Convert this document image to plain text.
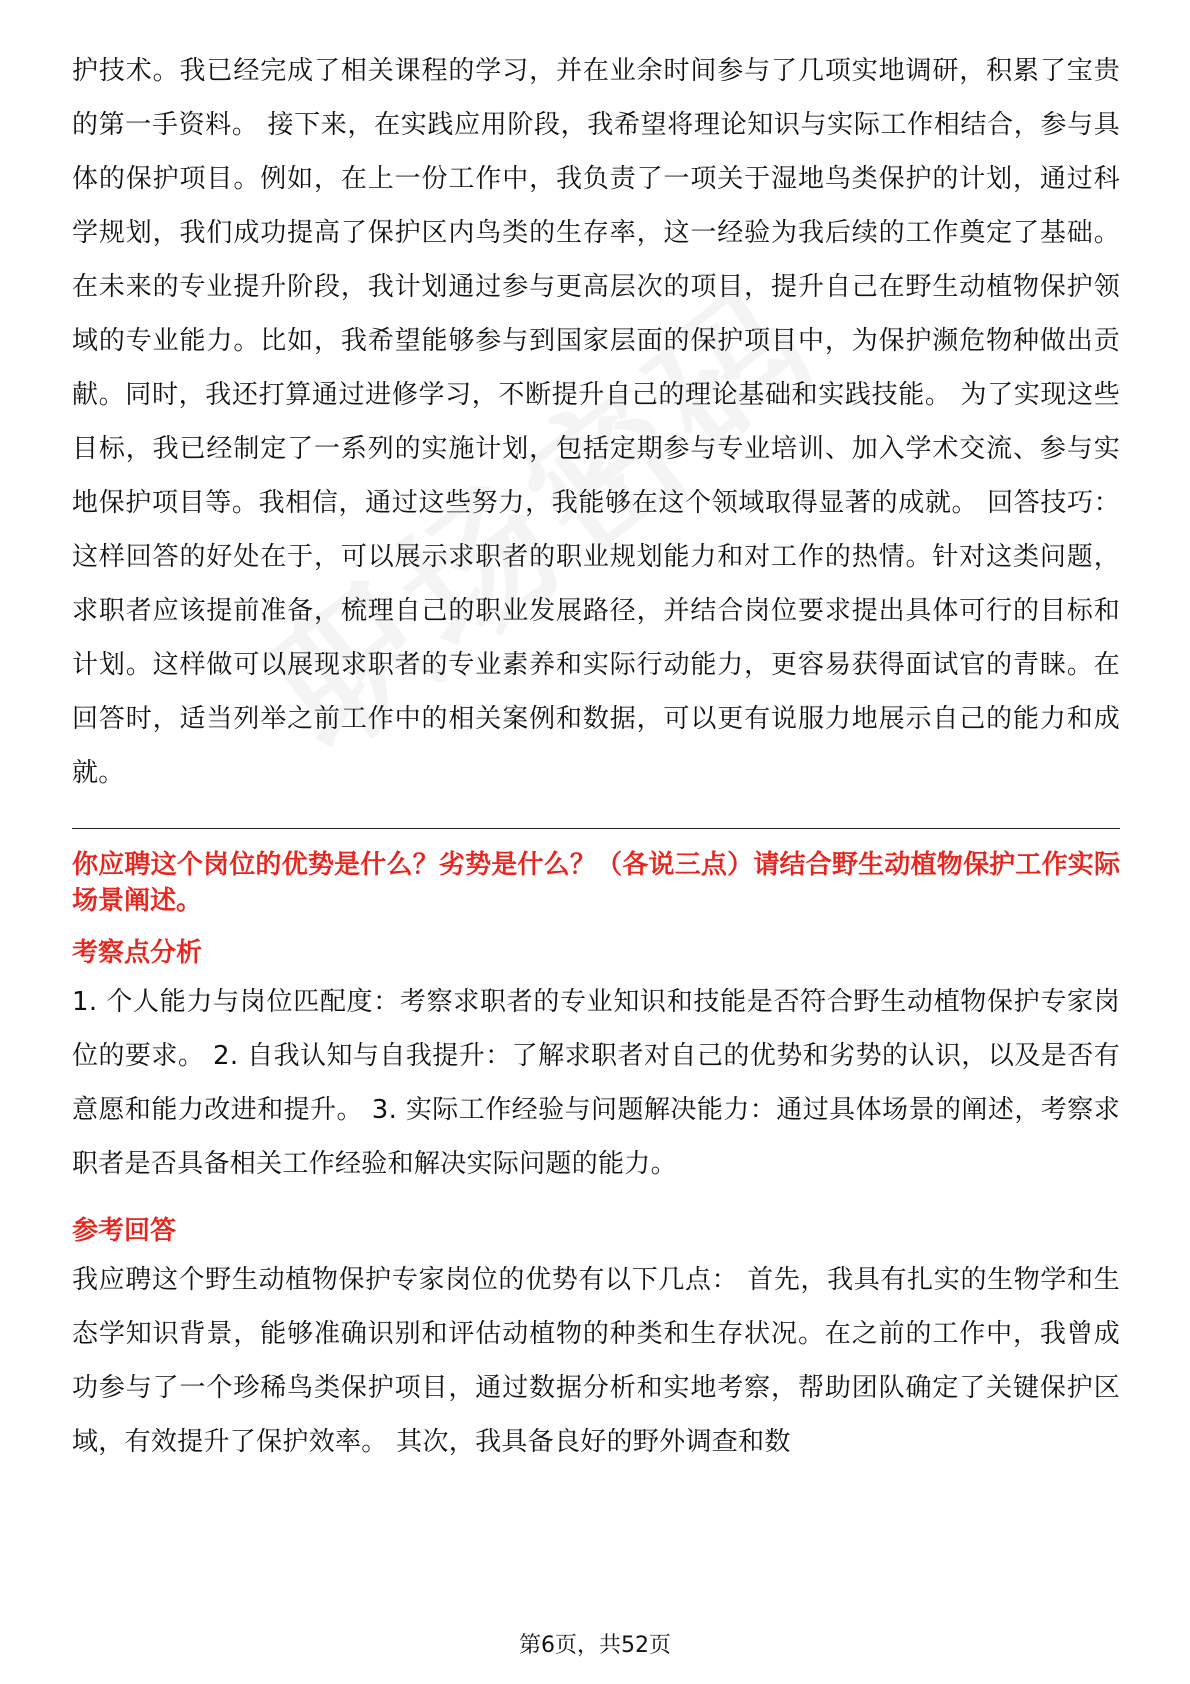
护技术。我已经完成了相关课程的学习，并在业余时间参与了几项实地调研，积累了宝贵的第一手资料。 接下来，在实践应用阶段，我希望将理论知识与实际工作相结合，参与具体的保护项目。例如，在上一份工作中，我负责了一项关于湿地鸟类保护的计划，通过科学规划，我们成功提高了保护区内鸟类的生存率，这一经验为我后续的工作奠定了基础。 在未来的专业提升阶段，我计划通过参与更高层次的项目，提升自己在野生动植物保护领域的专业能力。比如，我希望能够参与到国家层面的保护项目中，为保护濒危物种做出贡献。同时，我还打算通过进修学习，不断提升自己的理论基础和实践技能。 为了实现这些目标，我已经制定了一系列的实施计划，包括定期参与专业培训、加入学术交流、参与实地保护项目等。我相信，通过这些努力，我能够在这个领域取得显著的成就。 回答技巧： 这样回答的好处在于，可以展示求职者的职业规划能力和对工作的热情。针对这类问题，求职者应该提前准备，梳理自己的职业发展路径，并结合岗位要求提出具体可行的目标和计划。这样做可以展现求职者的专业素养和实际行动能力，更容易获得面试官的青睐。在回答时，适当列举之前工作中的相关案例和数据，可以更有说服力地展示自己的能力和成就。

你应聘这个岗位的优势是什么？劣势是什么？（各说三点）请结合野生动植物保护工作实际场景阐述。

考察点分析

1. 个人能力与岗位匹配度：考察求职者的专业知识和技能是否符合野生动植物保护专家岗位的要求。 2. 自我认知与自我提升：了解求职者对自己的优势和劣势的认识，以及是否有意愿和能力改进和提升。 3. 实际工作经验与问题解决能力：通过具体场景的阐述，考察求职者是否具备相关工作经验和解决实际问题的能力。

参考回答

我应聘这个野生动植物保护专家岗位的优势有以下几点： 首先，我具有扎实的生物学和生态学知识背景，能够准确识别和评估动植物的种类和生存状况。在之前的工作中，我曾成功参与了一个珍稀鸟类保护项目，通过数据分析和实地考察，帮助团队确定了关键保护区域，有效提升了保护效率。 其次，我具备良好的野外调查和数

第6页，共52页
